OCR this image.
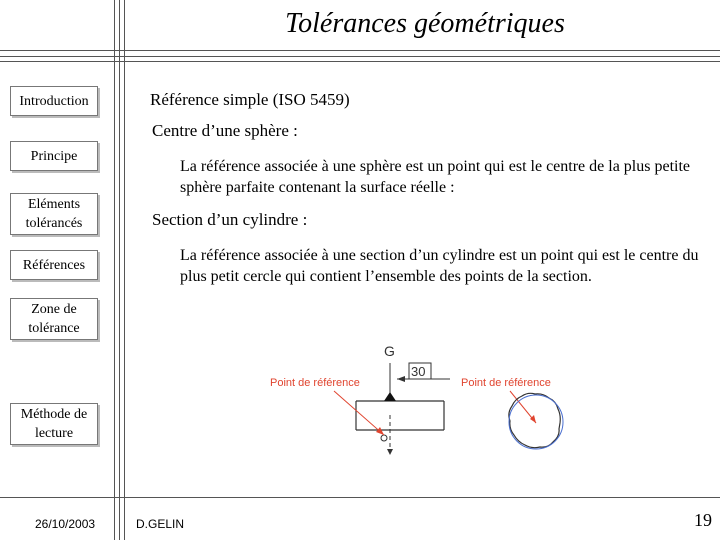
Tolérances géométriques
Introduction
Principe
Eléments tolérancés
Références
Zone de tolérance
Méthode de lecture
Référence simple (ISO 5459)
Centre d’une sphère :
La référence associée à une sphère est un point qui est le centre de la plus petite sphère parfaite contenant la surface réelle :
Section d’un cylindre :
La référence associée à une section d’un cylindre est un point qui est le centre du plus petit cercle qui contient l’ensemble des points de la section.
G
30
Point de référence	Point de référence
26/10/2003	D.GELIN	19
